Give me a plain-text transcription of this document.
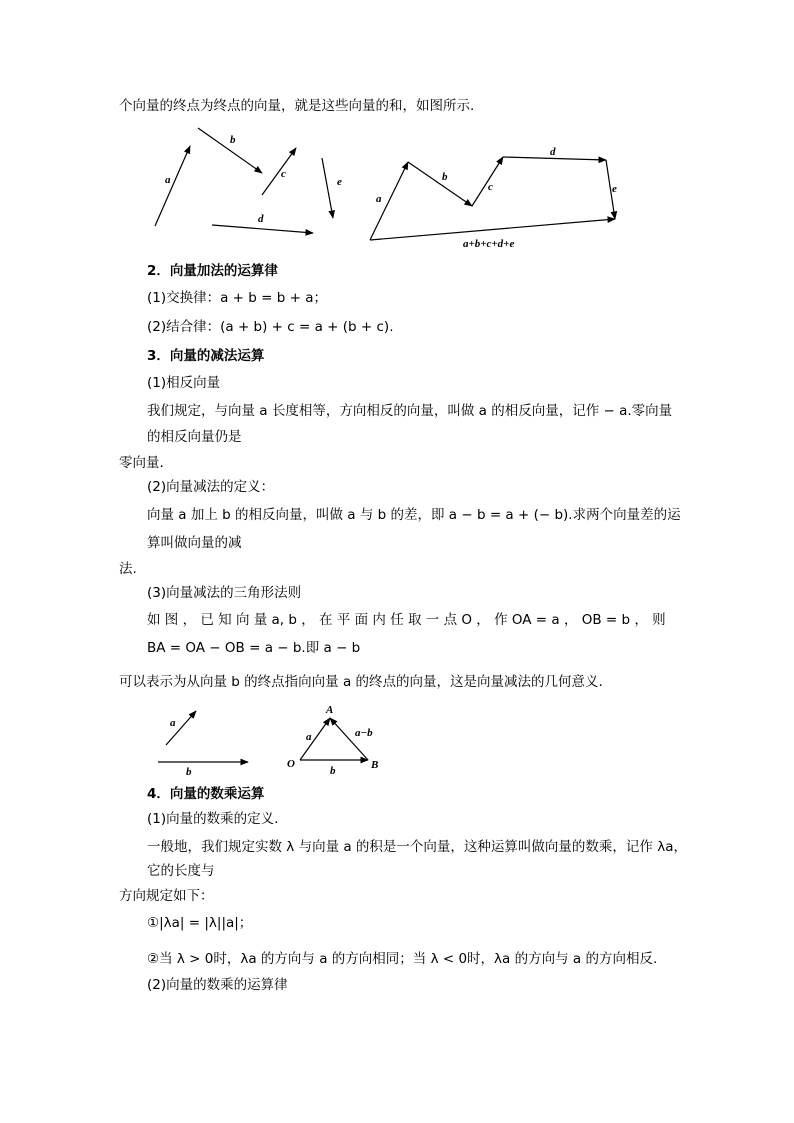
个向量的终点为终点的向量，就是这些向量的和，如图所示.
a
b
c
d
e
a
b
c
d
e
a+b+c+d+e
2．向量加法的运算律
(1)交换律：a + b = b + a；
(2)结合律：(a + b) + c = a + (b + c).
3．向量的减法运算
(1)相反向量
我们规定，与向量 a 长度相等，方向相反的向量，叫做 a 的相反向量，记作 − a.零向量
的相反向量仍是
零向量.
(2)向量减法的定义：
向量 a 加上 b 的相反向量，叫做 a 与 b 的差，即 a − b = a + (− b).求两个向量差的运
算叫做向量的减
法.
(3)向量减法的三角形法则
如 图 ， 已 知 向 量 a, b ， 在 平 面 内 任 取 一 点 O ， 作 OA = a ， OB = b ， 则
BA = OA − OB = a − b.即 a − b
可以表示为从向量 b 的终点指向向量 a 的终点的向量，这是向量减法的几何意义.
a
b
A
O	B
a
b
a−b
4．向量的数乘运算
(1)向量的数乘的定义.
一般地，我们规定实数 λ 与向量 a 的积是一个向量，这种运算叫做向量的数乘，记作 λa，
它的长度与
方向规定如下：
①|λa| = |λ||a|；
②当 λ > 0时，λa 的方向与 a 的方向相同；当 λ < 0时，λa 的方向与 a 的方向相反.
(2)向量的数乘的运算律
